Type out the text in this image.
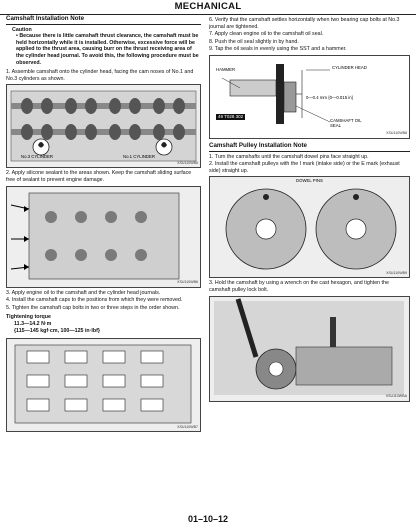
MECHANICAL
Camshaft Installation Note
Caution
• Because there is little camshaft thrust clearance, the camshaft must be held horizontally while it is installed. Otherwise, excessive force will be applied to the thrust area, causing burr on the thrust receiving area of the cylinder head journal. To avoid this, the following procedure must be observed.
1. Assemble camshaft onto the cylinder head, facing the cam noses of No.1 and No.3 cylinders as shown.
No.3 CYLINDER	No.1 CYLINDER
XSU110WB5
2. Apply silicone sealant to the areas shown. Keep the camshaft sliding surface free of sealant to prevent engine damage.
XSU110WB6
3. Apply engine oil to the camshaft and the cylinder head journals.
4. Install the camshaft caps to the positions from which they were removed.
5. Tighten the camshaft cap bolts in two or three steps in the order shown.
Tightening torque
11.3—14.2 N·m
{115—145 kgf·cm, 100—125 in·lbf}
XSU110WB7
6. Verify that the camshaft settles horizontally when two bearing cap bolts at No.3 journal are tightened.
7. Apply clean engine oil to the camshaft oil seal.
8. Push the oil seal slightly in by hand.
9. Tap the oil seals in evenly using the SST and a hammer.
CYLINDER HEAD
HAMMER
0—0.4 mm {0—0.015 in}
CAMSHAFT OIL SEAL
49 T028 302
XSU110WB8
Camshaft Pulley Installation Note
1. Turn the camshafts until the camshaft dowel pins face straight up.
2. Install the camshaft pulleys with the I mark (intake side) or the E mark (exhaust side) straight up.
DOWEL PINS
XSU110WB9
3. Hold the camshaft by using a wrench on the cast hexagon, and tighten the camshaft pulley lock bolt.
XSU110WBA
01–10–12
